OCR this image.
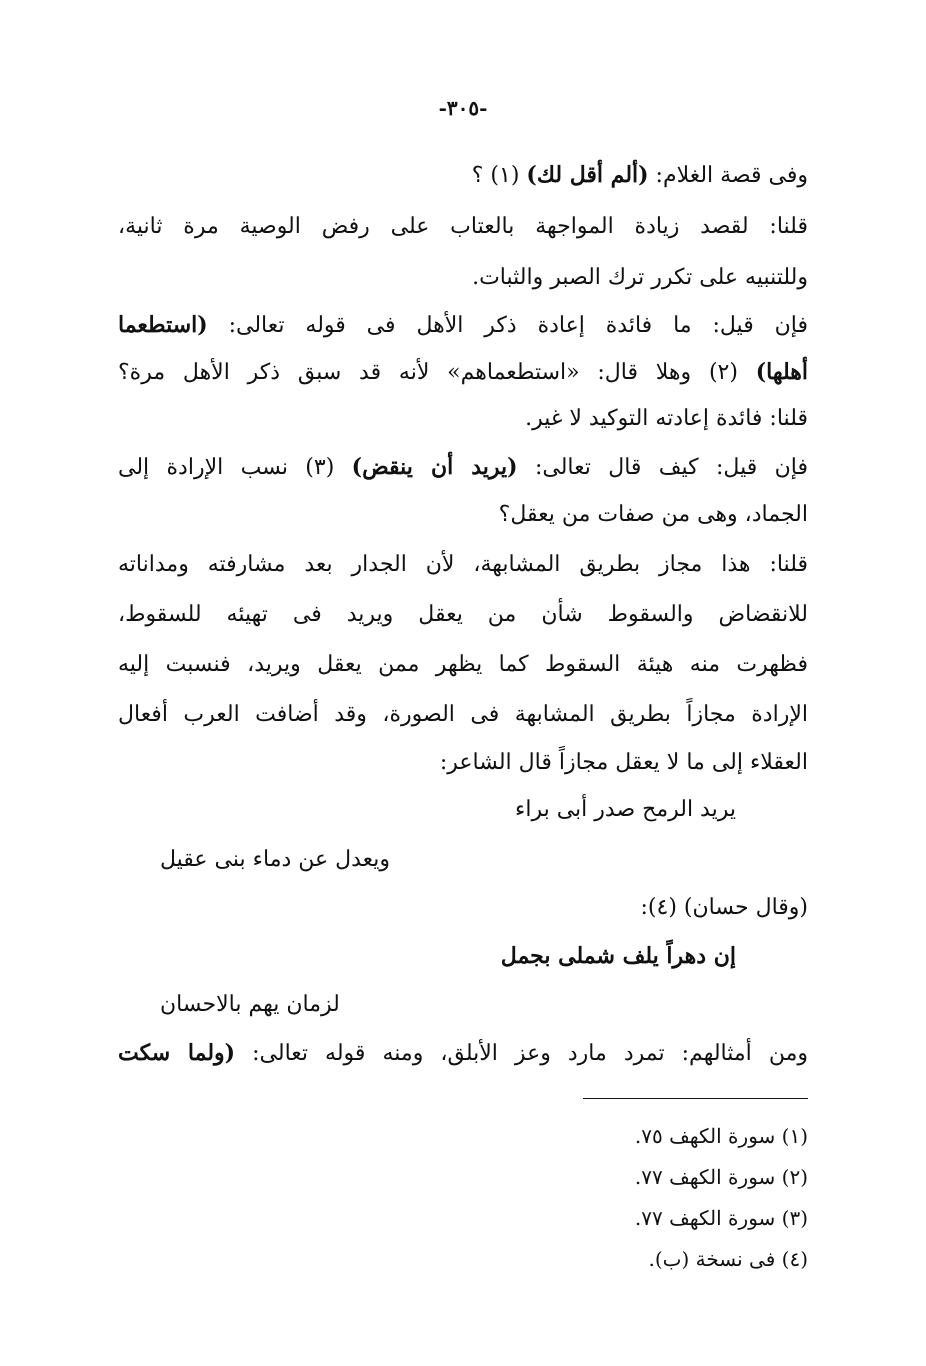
-٣٠٥-
وفى قصة الغلام: (ألم أقل لك) (١) ؟
قلنا: لقصد زيادة المواجهة بالعتاب على رفض الوصية مرة ثانية،
وللتنبيه على تكرر ترك الصبر والثبات.
فإن قيل: ما فائدة إعادة ذكر الأهل فى قوله تعالى: (استطعما
أهلها) (٢) وهلا قال: «استطعماهم» لأنه قد سبق ذكر الأهل مرة؟
قلنا: فائدة إعادته التوكيد لا غير.
فإن قيل: كيف قال تعالى: (يريد أن ينقض) (٣) نسب الإرادة إلى
الجماد، وهى من صفات من يعقل؟
قلنا: هذا مجاز بطريق المشابهة، لأن الجدار بعد مشارفته ومداناته
للانقضاض والسقوط شأن من يعقل ويريد فى تهيئه للسقوط،
فظهرت منه هيئة السقوط كما يظهر ممن يعقل ويريد، فنسبت إليه
الإرادة مجازاً بطريق المشابهة فى الصورة، وقد أضافت العرب أفعال
العقلاء إلى ما لا يعقل مجازاً قال الشاعر:
يريد الرمح صدر أبى براء
ويعدل عن دماء بنى عقيل
(وقال حسان) (٤):
إن دهراً يلف شملى بجمل
لزمان يهم بالاحسان
ومن أمثالهم: تمرد مارد وعز الأبلق، ومنه قوله تعالى: (ولما سكت
(١) سورة الكهف ٧٥.
(٢) سورة الكهف ٧٧.
(٣) سورة الكهف ٧٧.
(٤) فى نسخة (ب).
